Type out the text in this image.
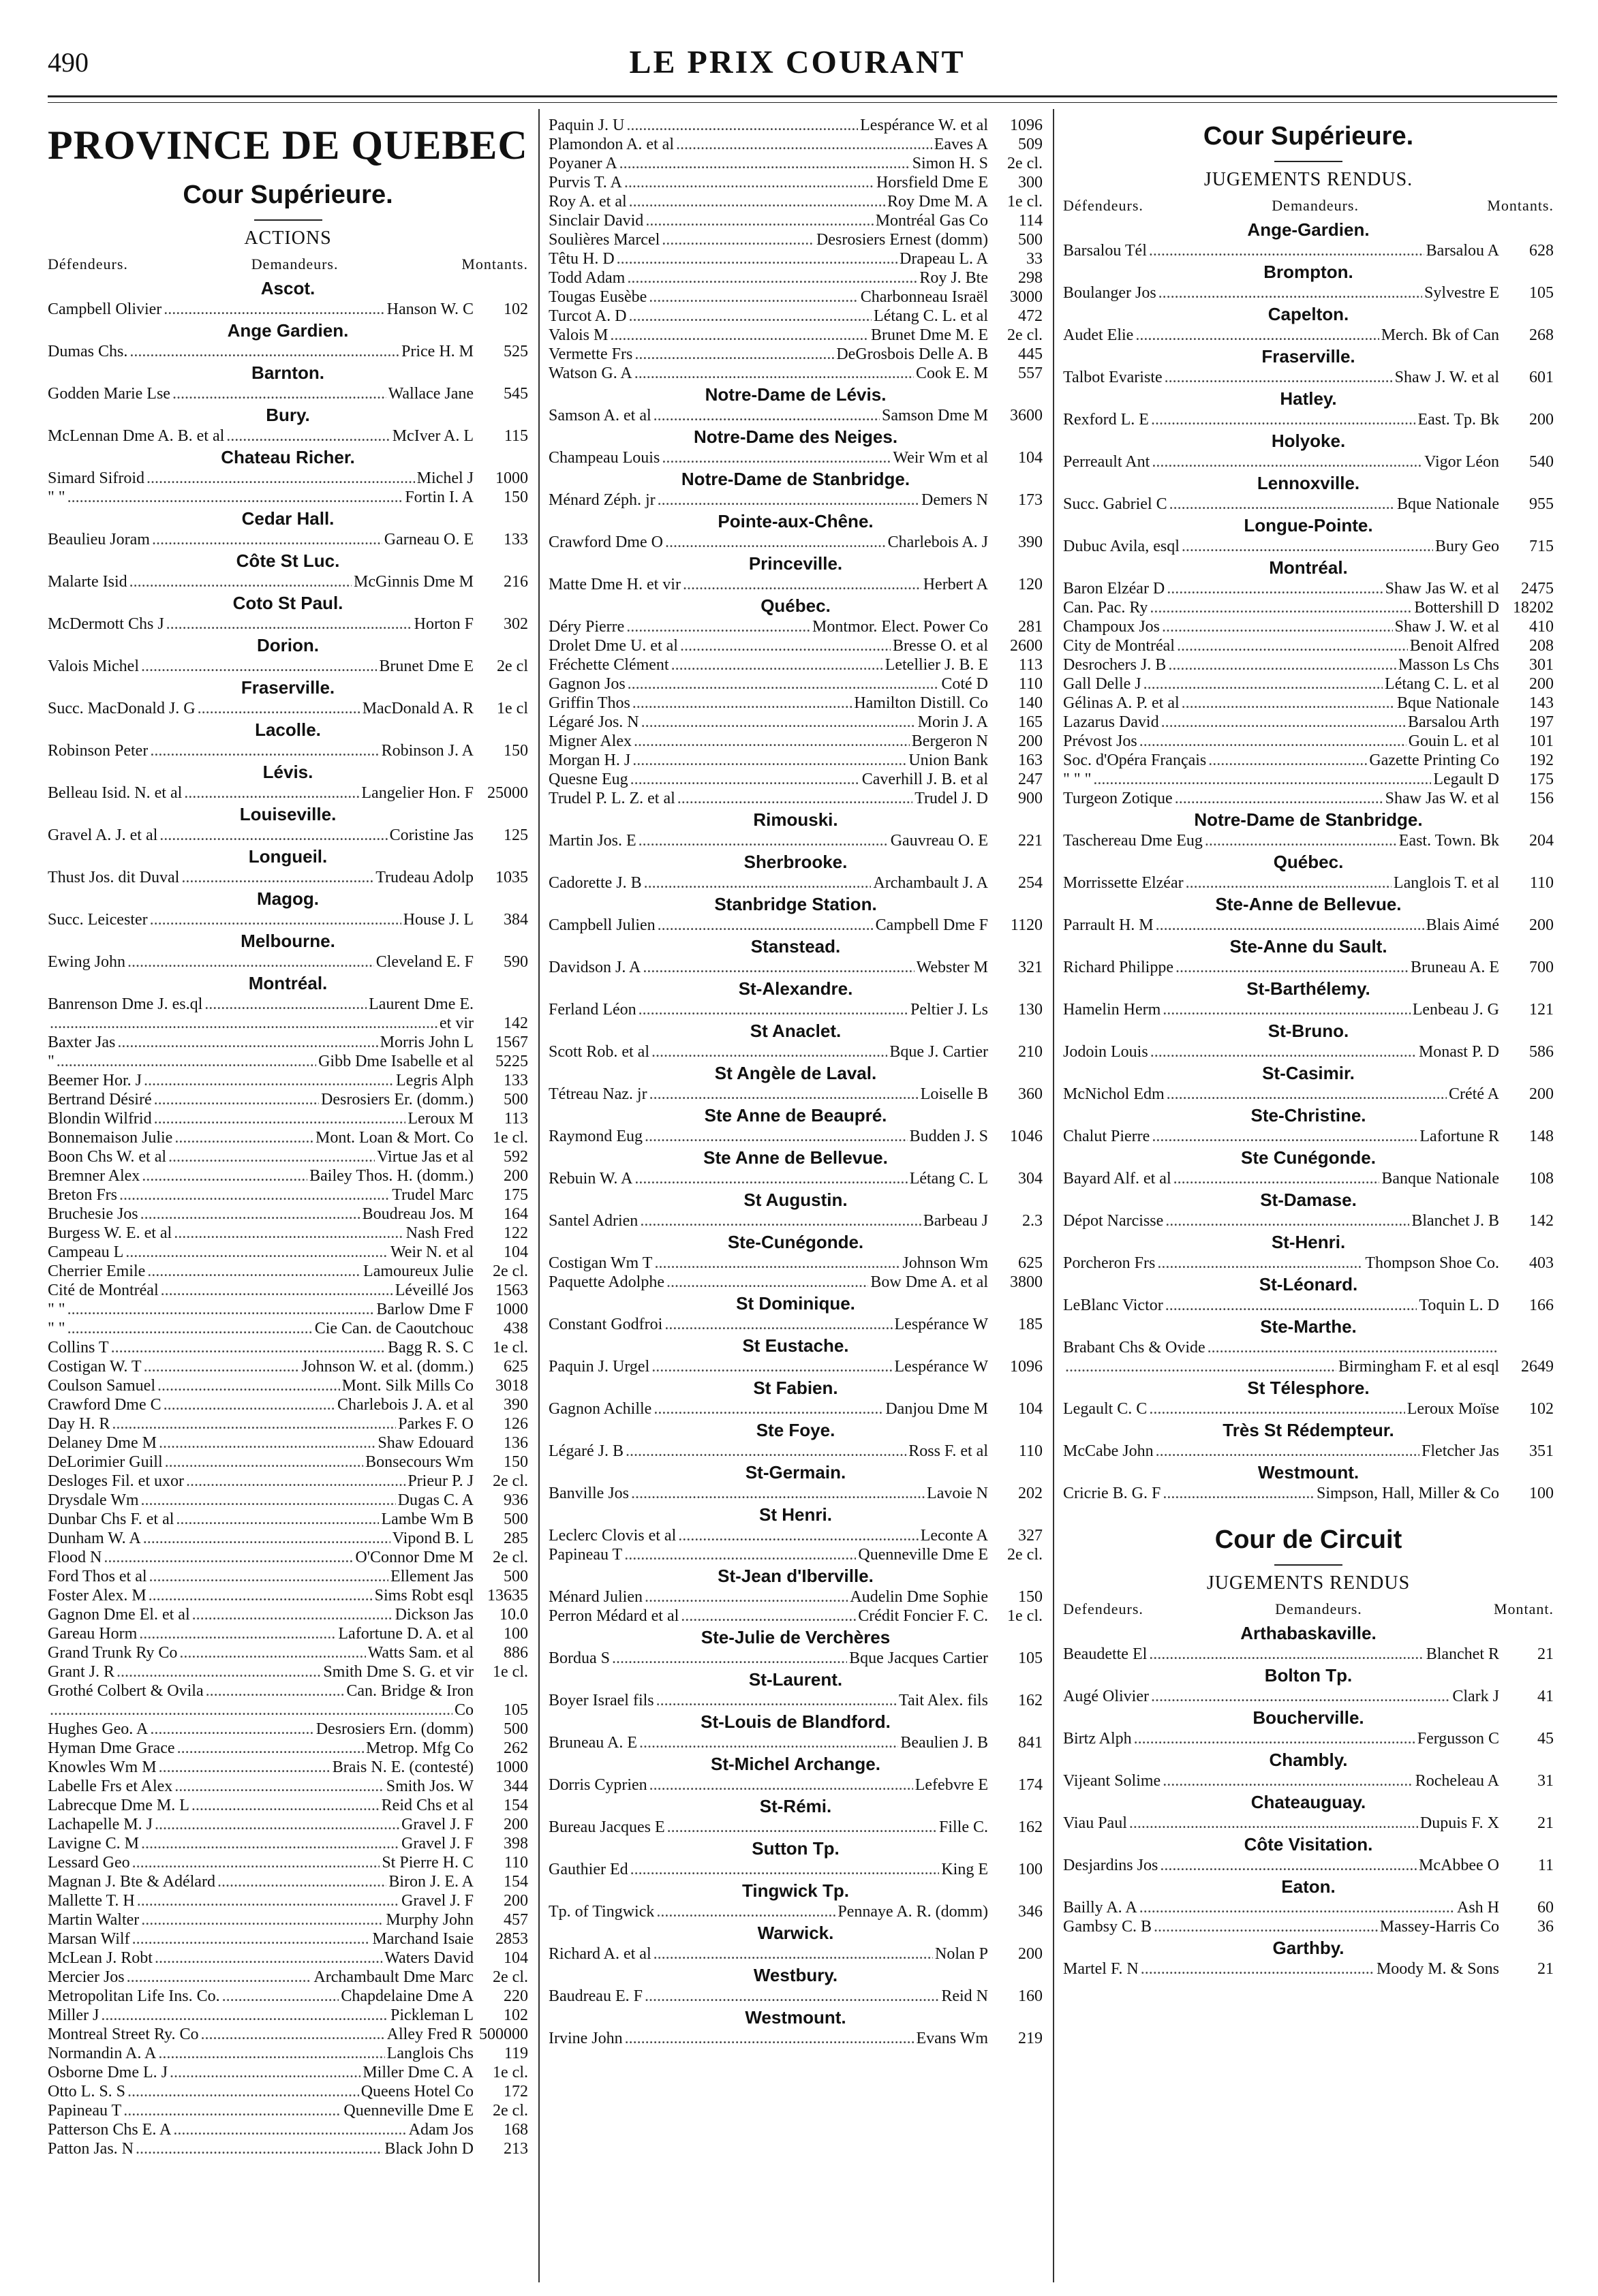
490	LE PRIX COURANT
PROVINCE DE QUEBEC
Cour Supérieure.
ACTIONS
Défendeurs.	Demandeurs.	Montants.
Ascot.
Campbell Olivier .....	Hanson W. C	102
Ange Gardien.
Dumas Chs. .....	Price H. M	525
Barnton.
Godden Marie Lse .....	Wallace Jane	545
Bury.
McLennan Dme A. B. et al .....	McIver A. L	115
Chateau Richer.
Simard Sifroid .....	Michel J	1000
" " .....	Fortin I. A	150
Cedar Hall.
Beaulieu Joram .....	Garneau O. E	133
Côte St Luc.
Malarte Isid .....	McGinnis Dme M	216
Coto St Paul.
McDermott Chs J .....	Horton F	302
Dorion.
Valois Michel .....	Brunet Dme E	2e cl
Fraserville.
Succ. MacDonald J. G .....	MacDonald A. R	1e cl
Lacolle.
Robinson Peter .....	Robinson J. A	150
Lévis.
Belleau Isid. N. et al .....	Langelier Hon. F 25000
Louiseville.
Gravel A. J. et al .....	Coristine Jas	125
Longueil.
Thust Jos. dit Duval .....	Trudeau Adolp	1035
Magog.
Succ. Leicester .....	House J. L	384
Melbourne.
Ewing John .....	Cleveland E. F	590
Montréal.
Banrenson Dme J. es.ql .....	Laurent Dme E.
.....
et vir	142
Baxter Jas .....	Morris John L	1567
" .....	Gibb Dme Isabelle et al	5225
Beemer Hor. J .....	Legris Alph	133
Bertrand Désiré .....	Desrosiers Er. (domm.)	500
Blondin Wilfrid .....	Leroux M	113
Bonnemaison Julie .....	Mont. Loan & Mort. Co	1e cl.
Boon Chs W. et al .....	Virtue Jas et al	592
Bremner Alex .....	Bailey Thos. H. (domm.)	200
Breton Frs .....	Trudel Marc	175
Bruchesie Jos .....	Boudreau Jos. M	164
Burgess W. E. et al .....	Nash Fred	122
Campeau L .....	Weir N. et al	104
Cherrier Emile .....	Lamoureux Julie	2e cl.
Cité de Montréal .....	Léveillé Jos	1563
" " .....	Barlow Dme F	1000
" " .....	Cie Can. de Caoutchouc	438
Collins T .....	Bagg R. S. C	1e cl.
Costigan W. T .....	Johnson W. et al. (domm.)	625
Coulson Samuel .....	Mont. Silk Mills Co	3018
Crawford Dme C .....	Charlebois J. A. et al	390
Day H. R .....	Parkes F. O	126
Delaney Dme M .....	Shaw Edouard	136
DeLorimier Guill .....	Bonsecours Wm	150
Desloges Fil. et uxor .....	Prieur P. J	2e cl.
Drysdale Wm .....	Dugas C. A	936
Dunbar Chs F. et al .....	Lambe Wm B	500
Dunham W. A .....	Vipond B. L	285
Flood N .....	O'Connor Dme M	2e cl.
Ford Thos et al .....	Ellement Jas	500
Foster Alex. M .....	Sims Robt esql 13635
Gagnon Dme El. et al .....	Dickson Jas	10.0
Gareau Horm .....	Lafortune D. A. et al	100
Grand Trunk Ry Co .....	Watts Sam. et al	886
Grant J. R .....	Smith Dme S. G. et vir	1e cl.
Grothé Colbert & Ovila .....	Can. Bridge & Iron
.....
Co	105
Hughes Geo. A .....	Desrosiers Ern. (domm)	500
Hyman Dme Grace .....	Metrop. Mfg Co	262
Knowles Wm M .....	Brais N. E. (contesté)	1000
Labelle Frs et Alex .....	Smith Jos. W	344
Labrecque Dme M. L .....	Reid Chs et al	154
Lachapelle M. J .....	Gravel J. F	200
Lavigne C. M .....	Gravel J. F	398
Lessard Geo .....	St Pierre H. C	110
Magnan J. Bte & Adélard .....	Biron J. E. A	154
Mallette T. H .....	Gravel J. F	200
Martin Walter .....	Murphy John	457
Marsan Wilf .....	Marchand Isaie	2853
McLean J. Robt .....	Waters David	104
Mercier Jos .....	Archambault Dme Marc	2e cl.
Metropolitan Life Ins. Co. .....	Chapdelaine Dme A	220
Miller J .....	Pickleman L	102
Montreal Street Ry. Co .....	Alley Fred R 500000
Normandin A. A .....	Langlois Chs	119
Osborne Dme L. J .....	Miller Dme C. A	1e cl.
Otto L. S. S .....	Queens Hotel Co	172
Papineau T .....	Quenneville Dme E	2e cl.
Patterson Chs E. A .....	Adam Jos	168
Patton Jas. N .....	Black John D	213
Paquin J. U .....	Lespérance W. et al	1096
Plamondon A. et al .....	Eaves A	509
Poyaner A .....	Simon H. S	2e cl.
Purvis T. A .....	Horsfield Dme E	300
Roy A. et al .....	Roy Dme M. A	1e cl.
Sinclair David .....	Montréal Gas Co	114
Soulières Marcel .....	Desrosiers Ernest (domm)	500
Têtu H. D .....	Drapeau L. A	33
Todd Adam .....	Roy J. Bte	298
Tougas Eusèbe .....	Charbonneau Israël	3000
Turcot A. D .....	Létang C. L. et al	472
Valois M .....	Brunet Dme M. E	2e cl.
Vermette Frs .....	DeGrosbois Delle A. B	445
Watson G. A .....	Cook E. M	557
Notre-Dame de Lévis.
Samson A. et al .....	Samson Dme M	3600
Notre-Dame des Neiges.
Champeau Louis .....	Weir Wm et al	104
Notre-Dame de Stanbridge.
Ménard Zéph. jr .....	Demers N	173
Pointe-aux-Chêne.
Crawford Dme O .....	Charlebois A. J	390
Princeville.
Matte Dme H. et vir .....	Herbert A	120
Québec.
Déry Pierre .....	Montmor. Elect. Power Co	281
Drolet Dme U. et al .....	Bresse O. et al	2600
Fréchette Clément .....	Letellier J. B. E	113
Gagnon Jos .....	Coté D	110
Griffin Thos .....	Hamilton Distill. Co	140
Légaré Jos. N .....	Morin J. A	165
Migner Alex .....	Bergeron N	200
Morgan H. J .....	Union Bank	163
Quesne Eug .....	Caverhill J. B. et al	247
Trudel P. L. Z. et al .....	Trudel J. D	900
Rimouski.
Martin Jos. E .....	Gauvreau O. E	221
Sherbrooke.
Cadorette J. B .....	Archambault J. A	254
Stanbridge Station.
Campbell Julien .....	Campbell Dme F	1120
Stanstead.
Davidson J. A .....	Webster M	321
St-Alexandre.
Ferland Léon .....	Peltier J. Ls	130
St Anaclet.
Scott Rob. et al .....	Bque J. Cartier	210
St Angèle de Laval.
Tétreau Naz. jr .....	Loiselle B	360
Ste Anne de Beaupré.
Raymond Eug .....	Budden J. S	1046
Ste Anne de Bellevue.
Rebuin W. A .....	Létang C. L	304
St Augustin.
Santel Adrien .....	Barbeau J	2.3
Ste-Cunégonde.
Costigan Wm T .....	Johnson Wm	625
Paquette Adolphe .....	Bow Dme A. et al	3800
St Dominique.
Constant Godfroi .....	Lespérance W	185
St Eustache.
Paquin J. Urgel .....	Lespérance W	1096
St Fabien.
Gagnon Achille .....	Danjou Dme M	104
Ste Foye.
Légaré J. B .....	Ross F. et al	110
St-Germain.
Banville Jos .....	Lavoie N	202
St Henri.
Leclerc Clovis et al .....	Leconte A	327
Papineau T .....	Quenneville Dme E	2e cl.
St-Jean d'Iberville.
Ménard Julien .....	Audelin Dme Sophie	150
Perron Médard et al .....	Crédit Foncier F. C.	1e cl.
Ste-Julie de Verchères
Bordua S .....	Bque Jacques Cartier	105
St-Laurent.
Boyer Israel fils .....	Tait Alex. fils	162
St-Louis de Blandford.
Bruneau A. E .....	Beaulien J. B	841
St-Michel Archange.
Dorris Cyprien .....	Lefebvre E	174
St-Rémi.
Bureau Jacques E .....	Fille C.	162
Sutton Tp.
Gauthier Ed .....	King E	100
Tingwick Tp.
Tp. of Tingwick .....	Pennaye A. R. (domm)	346
Warwick.
Richard A. et al .....	Nolan P	200
Westbury.
Baudreau E. F .....	Reid N	160
Westmount.
Irvine John .....	Evans Wm	219
Cour Supérieure.
JUGEMENTS RENDUS.
Défendeurs.	Demandeurs.	Montants.
Ange-Gardien.
Barsalou Tél .....	Barsalou A	628
Brompton.
Boulanger Jos .....	Sylvestre E	105
Capelton.
Audet Elie .....	Merch. Bk of Can	268
Fraserville.
Talbot Evariste .....	Shaw J. W. et al	601
Hatley.
Rexford L. E .....	East. Tp. Bk	200
Holyoke.
Perreault Ant .....	Vigor Léon	540
Lennoxville.
Succ. Gabriel C .....	Bque Nationale	955
Longue-Pointe.
Dubuc Avila, esql .....	Bury Geo	715
Montréal.
Baron Elzéar D .....	Shaw Jas W. et al	2475
Can. Pac. Ry .....	Bottershill D 18202
Champoux Jos .....	Shaw J. W. et al	410
City de Montréal .....	Benoit Alfred	208
Desrochers J. B .....	Masson Ls Chs	301
Gall Delle J .....	Létang C. L. et al	200
Gélinas A. P. et al .....	Bque Nationale	143
Lazarus David .....	Barsalou Arth	197
Prévost Jos .....	Gouin L. et al	101
Soc. d'Opéra Français .....	Gazette Printing Co	192
" " " .....	Legault D	175
Turgeon Zotique .....	Shaw Jas W. et al	156
Notre-Dame de Stanbridge.
Taschereau Dme Eug .....	East. Town. Bk	204
Québec.
Morrissette Elzéar .....	Langlois T. et al	110
Ste-Anne de Bellevue.
Parrault H. M .....	Blais Aimé	200
Ste-Anne du Sault.
Richard Philippe .....	Bruneau A. E	700
St-Barthélemy.
Hamelin Herm .....	Lenbeau J. G	121
St-Bruno.
Jodoin Louis .....	Monast P. D	586
St-Casimir.
McNichol Edm .....	Crété A	200
Ste-Christine.
Chalut Pierre .....	Lafortune R	148
Ste Cunégonde.
Bayard Alf. et al .....	Banque Nationale	108
St-Damase.
Dépot Narcisse .....	Blanchet J. B	142
St-Henri.
Porcheron Frs .....	Thompson Shoe Co.	403
St-Léonard.
LeBlanc Victor .....	Toquin L. D	166
Ste-Marthe.
Brabant Chs & Ovide
.....
.....
Birmingham F. et al esql	2649
St Télesphore.
Legault C. C .....	Leroux Moïse	102
Très St Rédempteur.
McCabe John .....	Fletcher Jas	351
Westmount.
Cricrie B. G. F .....	Simpson, Hall, Miller & Co	100
Cour de Circuit
JUGEMENTS RENDUS
Defendeurs.	Demandeurs.	Montant.
Arthabaskaville.
Beaudette El .....	Blanchet R	21
Bolton Tp.
Augé Olivier .....	Clark J	41
Boucherville.
Birtz Alph .....	Fergusson C	45
Chambly.
Vijeant Solime .....	Rocheleau A	31
Chateauguay.
Viau Paul .....	Dupuis F. X	21
Côte Visitation.
Desjardins Jos .....	McAbbee O	11
Eaton.
Bailly A. A .....	Ash H	60
Gambsy C. B .....	Massey-Harris Co	36
Garthby.
Martel F. N .....	Moody M. & Sons	21
